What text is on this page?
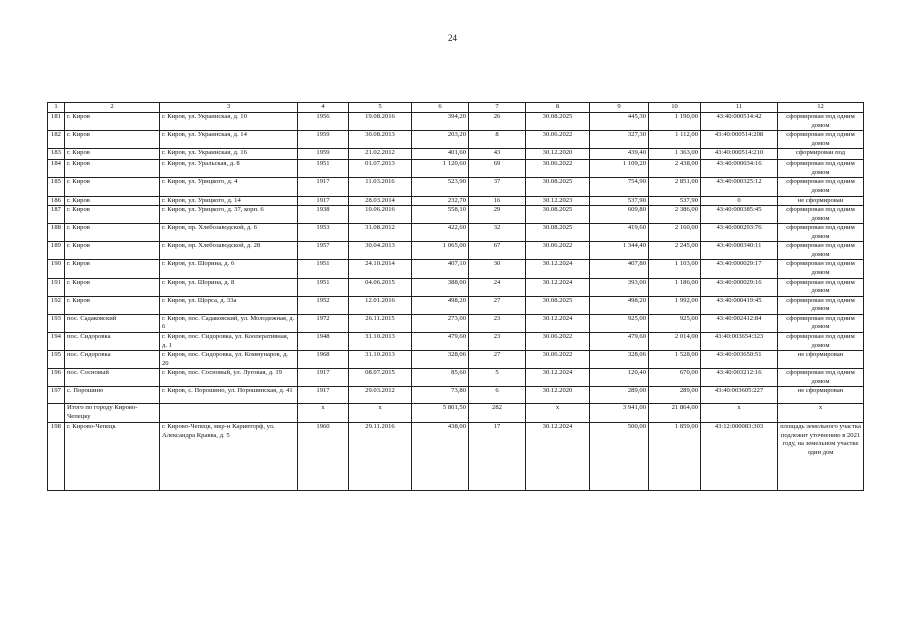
24
1	2	3	4	5	6	7	8	9	10	11	12
181	г. Киров	г. Киров, ул. Украинская, д. 10	1956	19.08.2016	394,20	26	30.08.2025	445,30	1 190,00	43:40:000514:42	сформирован под одним домом
182	г. Киров	г. Киров, ул. Украинская, д. 14	1959	30.08.2013	203,20	8	30.06.2022	327,30	1 112,00	43:40:000514:208	сформирован под одним домом
183	г. Киров	г. Киров, ул. Украинская, д. 16	1959	21.02.2012	401,60	43	30.12.2020	439,40	1 363,00	43:40:000514:210	сформирован под
184	г. Киров	г. Киров, ул. Уральская, д. 8	1951	01.07.2013	1 120,60	69	30.06.2022	1 109,20	2 438,00	43:40:000034:16	сформирован под одним домом
185	г. Киров	г. Киров, ул. Урицкого, д. 4	1917	11.03.2016	523,90	37	30.08.2025	754,90	2 851,00	43:40:000325:12	сформирован под одним домом
186	г. Киров	г. Киров, ул. Урицкого, д. 14	1917	28.03.2014	232,70	16	30.12.2023	537,90	537,90	0	не сформирован
187	г. Киров	г. Киров, ул. Урицкого, д. 37, корп. 6	1938	10.06.2016	558,10	29	30.08.2025	609,80	2 386,00	43:40:000385:45	сформирован под одним домом
188	г. Киров	г. Киров, пр. Хлебозаводской, д. 6	1953	31.08.2012	422,60	32	30.08.2025	419,60	2 160,00	43:40:000293:76	сформирован под одним домом
189	г. Киров	г. Киров, пр. Хлебозаводской, д. 28	1957	30.04.2013	1 065,00	67	30.06.2022	1 344,40	2 245,00	43:40:000340:11	сформирован под одним домом
190	г. Киров	г. Киров, ул. Шорина, д. 6	1951	24.10.2014	407,10	30	30.12.2024	407,80	1 103,00	43:40:000029:17	сформирован под одним домом
191	г. Киров	г. Киров, ул. Шорина, д. 8	1951	04.06.2015	388,00	24	30.12.2024	393,00	1 186,00	43:40:000029:16	сформирован под одним домом
192	г. Киров	г. Киров, ул. Щорса, д. 33а	1952	12.01.2016	498,20	27	30.08.2025	498,20	1 992,00	43:40:000419:45	сформирован под одним домом
193	пос. Садаковский	г. Киров, пос. Садаковский, ул. Молодежная, д. 6	1972	26.11.2015	273,00	23	30.12.2024	925,00	925,00	43:40:002412:84	сформирован под одним домом
194	пос. Сидоровка	г. Киров, пос. Сидоровка, ул. Кооперативная, д. 1	1948	31.10.2013	479,60	23	30.06.2022	479,60	2 014,00	43:40:003654:323	сформирован под одним домом
195	пос. Сидоровка	г. Киров, пос. Сидоровка, ул. Коммунаров, д. 20	1968	31.10.2013	328,06	27	30.06.2022	328,06	1 528,00	43:40:003650:51	не сформирован
196	пос. Сосновый	г. Киров, пос. Сосновый, ул. Луговая, д. 19	1917	08.07.2015	85,60	5	30.12.2024	120,40	670,00	43:40:003212:16	сформирован под одним домом
197	с. Порошино	г. Киров, с. Порошино, ул. Порошинская, д. 41	1917	29.03.2012	73,80	6	30.12.2020	289,00	289,00	43:40:003605:227	не сформирован
	Итого по городу Кирово-Чепецку		х	х	5 801,50	282	х	3 941,00	21 864,00	х	х
198	г. Кирово-Чепецк	г. Кирово-Чепецк, мкр-н Каринторф, ул. Александра Кравва, д. 5	1960	29.11.2016	438,00	17	30.12.2024	500,00	1 859,00	43:12:000083:303	площадь земельного участка подлежит уточнению в 2021 году, на земельном участке один дом
